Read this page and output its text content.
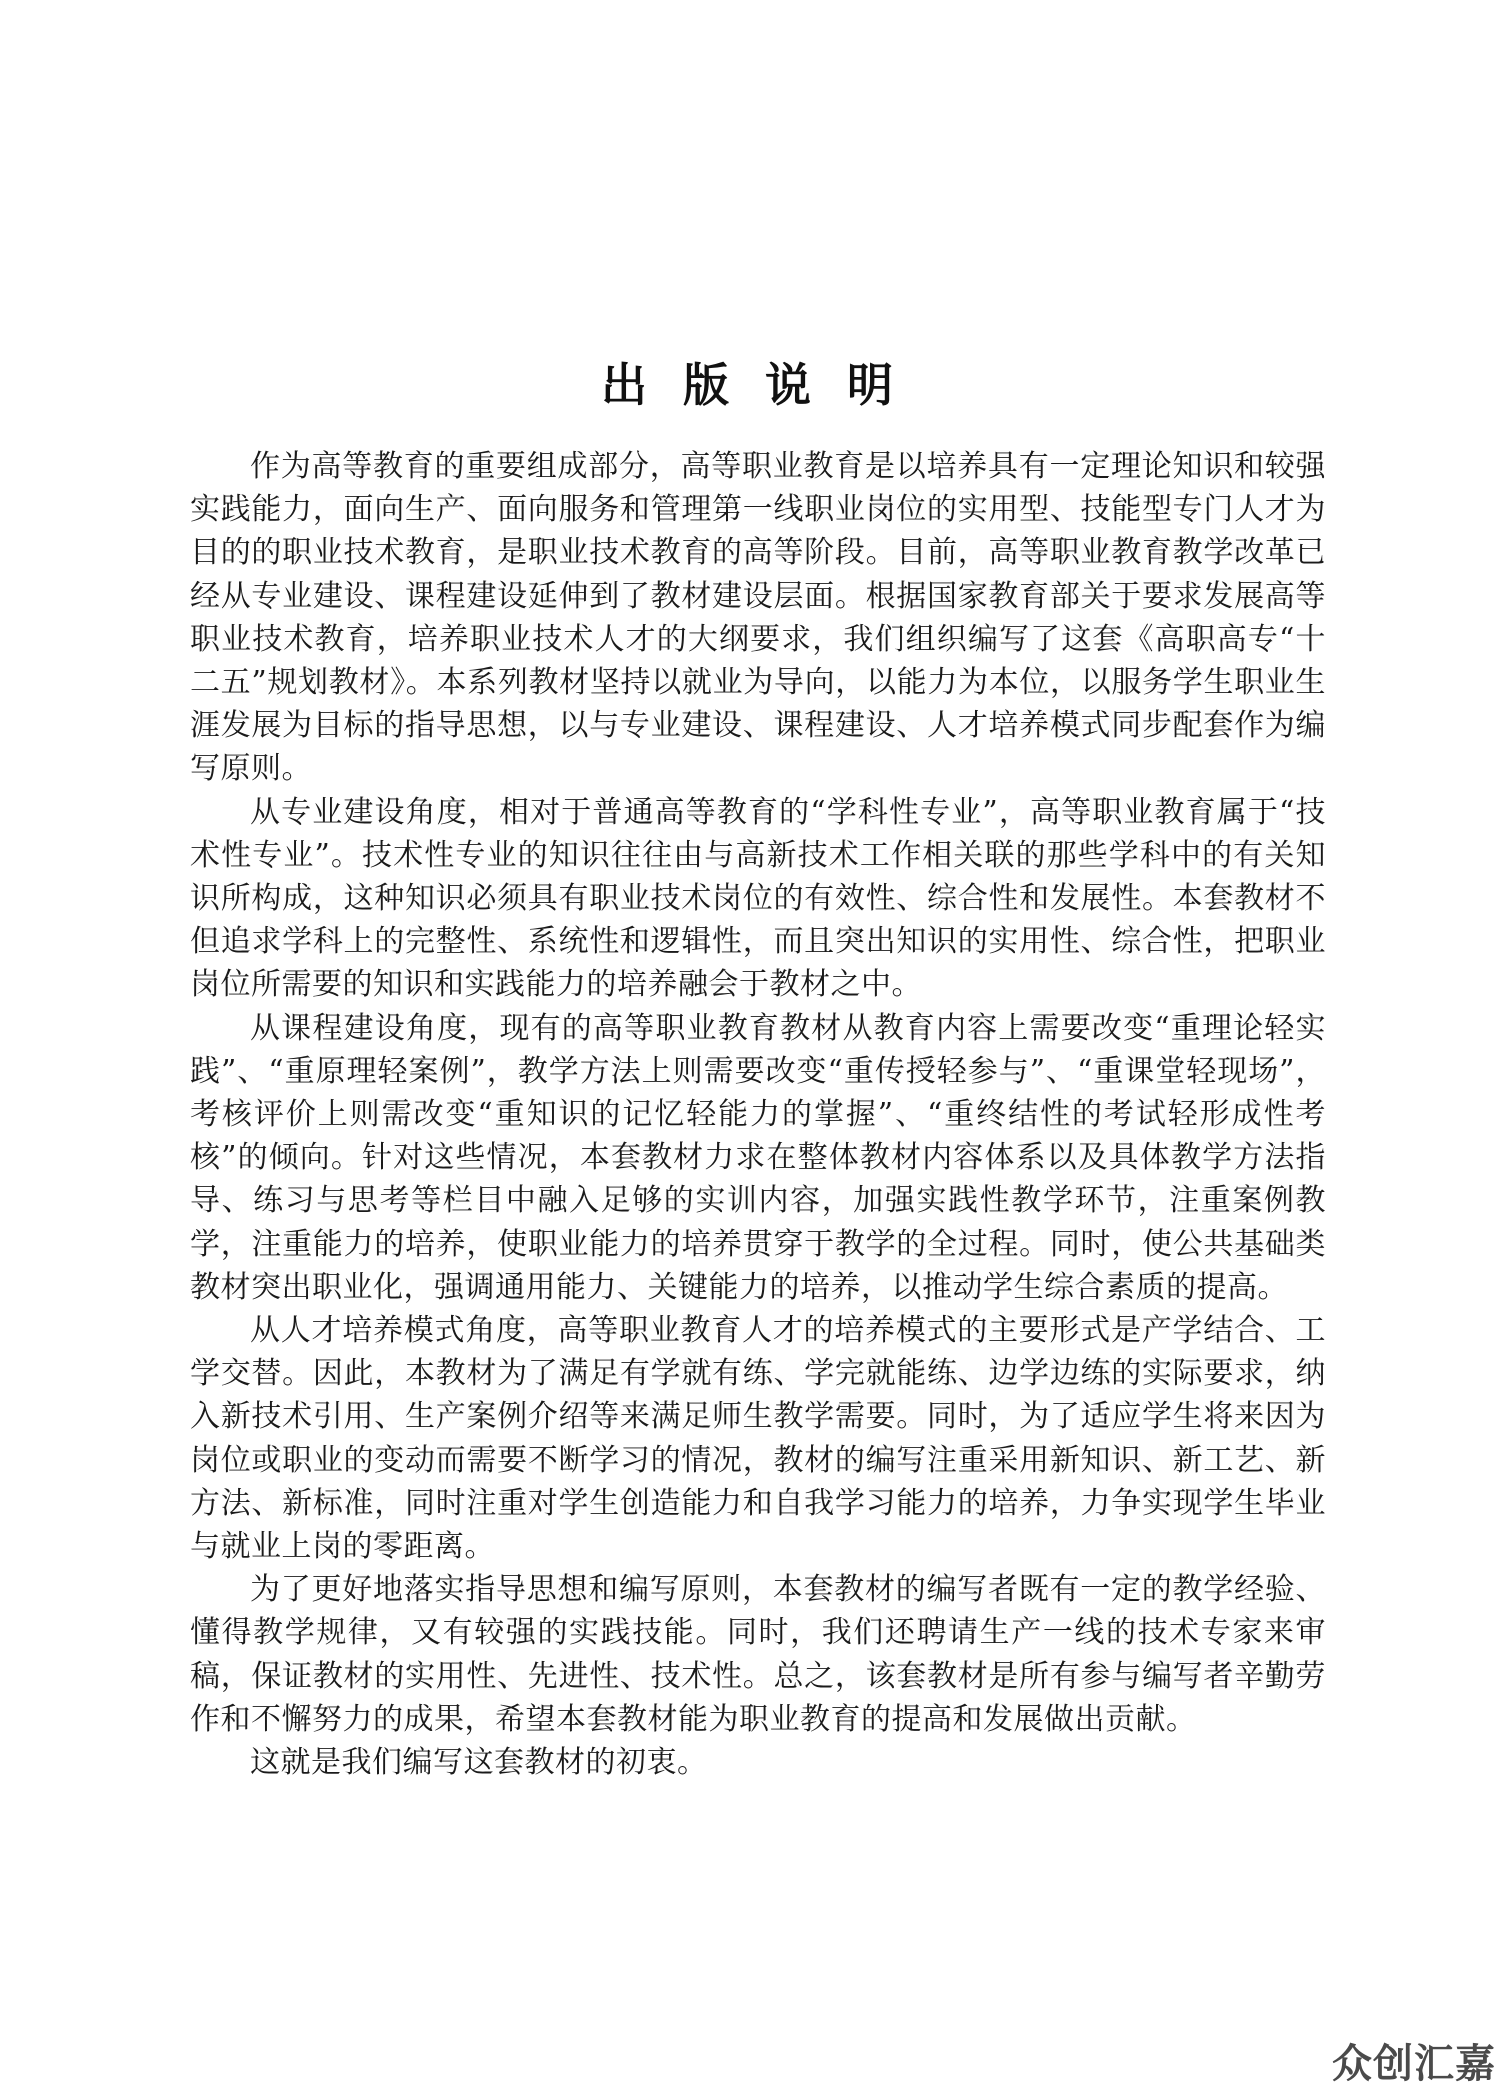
出 版 说 明

作为高等教育的重要组成部分，高等职业教育是以培养具有一定理论知识和较强实践能力，面向生产、面向服务和管理第一线职业岗位的实用型、技能型专门人才为目的的职业技术教育，是职业技术教育的高等阶段。目前，高等职业教育教学改革已经从专业建设、课程建设延伸到了教材建设层面。根据国家教育部关于要求发展高等职业技术教育，培养职业技术人才的大纲要求，我们组织编写了这套《高职高专“十二五”规划教材》。本系列教材坚持以就业为导向，以能力为本位，以服务学生职业生涯发展为目标的指导思想，以与专业建设、课程建设、人才培养模式同步配套作为编写原则。

从专业建设角度，相对于普通高等教育的“学科性专业”，高等职业教育属于“技术性专业”。技术性专业的知识往往由与高新技术工作相关联的那些学科中的有关知识所构成，这种知识必须具有职业技术岗位的有效性、综合性和发展性。本套教材不但追求学科上的完整性、系统性和逻辑性，而且突出知识的实用性、综合性，把职业岗位所需要的知识和实践能力的培养融会于教材之中。

从课程建设角度，现有的高等职业教育教材从教育内容上需要改变“重理论轻实践”、“重原理轻案例”，教学方法上则需要改变“重传授轻参与”、“重课堂轻现场”，考核评价上则需改变“重知识的记忆轻能力的掌握”、“重终结性的考试轻形成性考核”的倾向。针对这些情况，本套教材力求在整体教材内容体系以及具体教学方法指导、练习与思考等栏目中融入足够的实训内容，加强实践性教学环节，注重案例教学，注重能力的培养，使职业能力的培养贯穿于教学的全过程。同时，使公共基础类教材突出职业化，强调通用能力、关键能力的培养，以推动学生综合素质的提高。

从人才培养模式角度，高等职业教育人才的培养模式的主要形式是产学结合、工学交替。因此，本教材为了满足有学就有练、学完就能练、边学边练的实际要求，纳入新技术引用、生产案例介绍等来满足师生教学需要。同时，为了适应学生将来因为岗位或职业的变动而需要不断学习的情况，教材的编写注重采用新知识、新工艺、新方法、新标准，同时注重对学生创造能力和自我学习能力的培养，力争实现学生毕业与就业上岗的零距离。

为了更好地落实指导思想和编写原则，本套教材的编写者既有一定的教学经验、懂得教学规律，又有较强的实践技能。同时，我们还聘请生产一线的技术专家来审稿，保证教材的实用性、先进性、技术性。总之，该套教材是所有参与编写者辛勤劳作和不懈努力的成果，希望本套教材能为职业教育的提高和发展做出贡献。

这就是我们编写这套教材的初衷。

众创汇嘉
